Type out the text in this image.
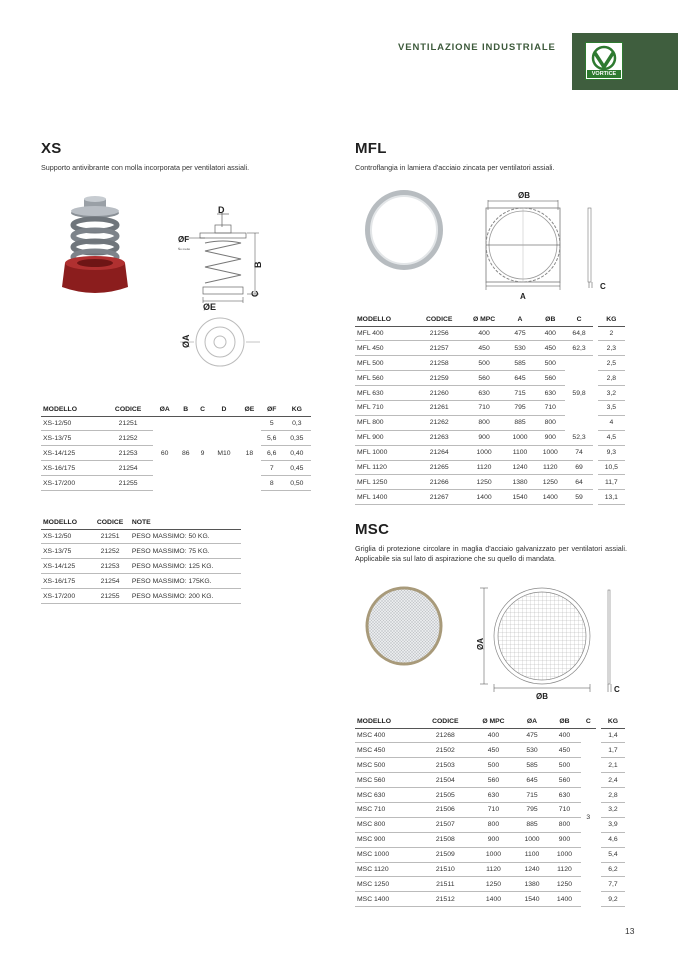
VENTILAZIONE INDUSTRIALE
VORTICE
XS
Supporto antivibrante con molla incorporata per ventilatori assiali.
D
ØF
Ño metto
B
C
ØE
ØA
MODELLO	CODICE	ØA	B	C	D	ØE	ØF	KG
XS-12/50	21251	60	86	9	M10	18	5	0,3
XS-13/75	21252						5,6	0,35
XS-14/125	21253						6,6	0,40
XS-16/175	21254						7	0,45
XS-17/200	21255						8	0,50
MODELLO	CODICE	NOTE
XS-12/50	21251	PESO MASSIMO: 50 KG.
XS-13/75	21252	PESO MASSIMO: 75 KG.
XS-14/125	21253	PESO MASSIMO: 125 KG.
XS-16/175	21254	PESO MASSIMO: 175KG.
XS-17/200	21255	PESO MASSIMO: 200 KG.
MFL
Controflangia in lamiera d'acciaio zincata per ventilatori assiali.
ØB
A
C
MODELLO	CODICE	Ø MPC	A	ØB	C		KG
MFL 400	21256	400	475	400	64,8		2
MFL 450	21257	450	530	450	62,3		2,3
MFL 500	21258	500	585	500	59,8		2,5
MFL 560	21259	560	645	560			2,8
MFL 630	21260	630	715	630			3,2
MFL 710	21261	710	795	710			3,5
MFL 800	21262	800	885	800			4
MFL 900	21263	900	1000	900	52,3		4,5
MFL 1000	21264	1000	1100	1000	74		9,3
MFL 1120	21265	1120	1240	1120	69		10,5
MFL 1250	21266	1250	1380	1250	64		11,7
MFL 1400	21267	1400	1540	1400	59		13,1
MSC
Griglia di protezione circolare in maglia d'acciaio galvanizzato per ventilatori assiali. Applicabile sia sul lato di aspirazione che su quello di mandata.
ØA
ØB
C
MODELLO	CODICE	Ø MPC	ØA	ØB	C		KG
MSC 400	21268	400	475	400	3		1,4
MSC 450	21502	450	530	450			1,7
MSC 500	21503	500	585	500			2,1
MSC 560	21504	560	645	560			2,4
MSC 630	21505	630	715	630			2,8
MSC 710	21506	710	795	710			3,2
MSC 800	21507	800	885	800			3,9
MSC 900	21508	900	1000	900			4,6
MSC 1000	21509	1000	1100	1000			5,4
MSC 1120	21510	1120	1240	1120			6,2
MSC 1250	21511	1250	1380	1250			7,7
MSC 1400	21512	1400	1540	1400			9,2
13
